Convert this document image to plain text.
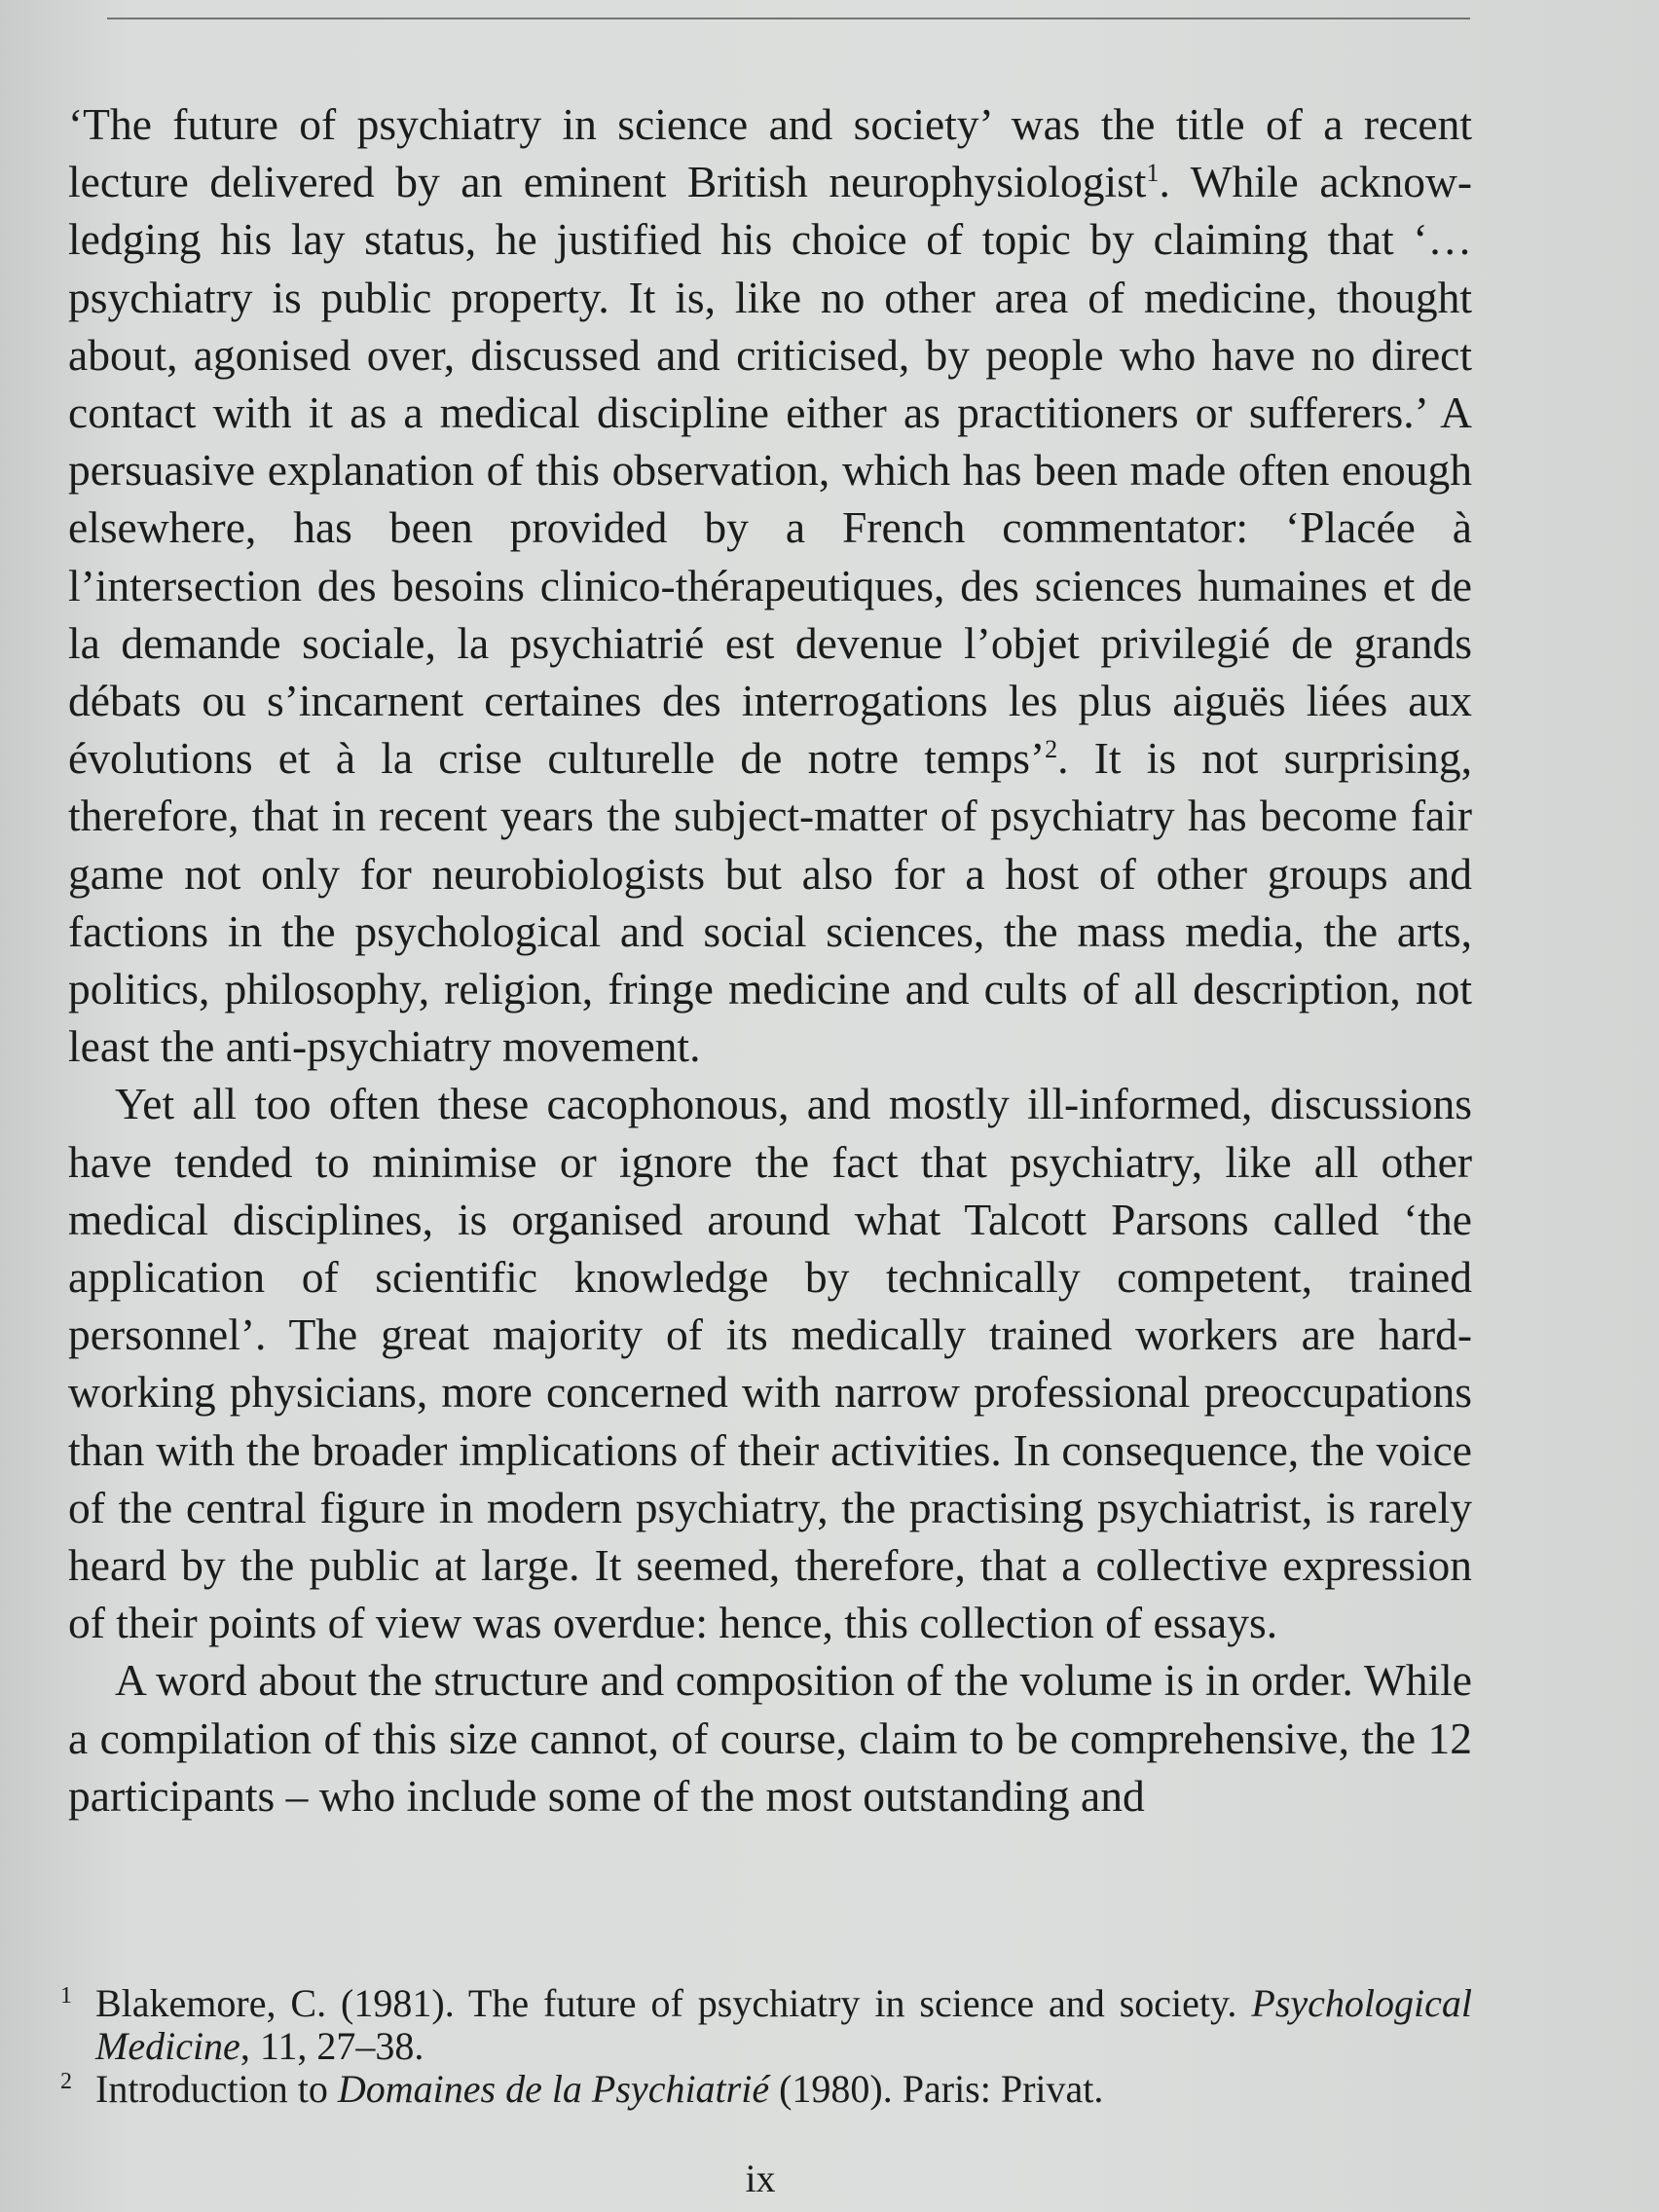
‘The future of psychiatry in science and society’ was the title of a recent lecture delivered by an eminent British neurophysiologist$^1$. While acknowledging his lay status, he justified his choice of topic by claiming that ‘…psychiatry is public property. It is, like no other area of medicine, thought about, agonised over, discussed and criticised, by people who have no direct contact with it as a medical discipline either as practitioners or sufferers.’ A persuasive explanation of this observation, which has been made often enough elsewhere, has been provided by a French commentator: ‘Placée à l’intersection des besoins clinico-thérapeutiques, des sciences humaines et de la demande sociale, la psychiatrié est devenue l’objet privilegié de grands débats ou s’incarnent certaines des interrogations les plus aiguës liées aux évolutions et à la crise culturelle de notre temps’$^2$. It is not surprising, therefore, that in recent years the subject-matter of psychiatry has become fair game not only for neurobiologists but also for a host of other groups and factions in the psychological and social sciences, the mass media, the arts, politics, philosophy, religion, fringe medicine and cults of all description, not least the anti-psychiatry movement.

Yet all too often these cacophonous, and mostly ill-informed, discussions have tended to minimise or ignore the fact that psychiatry, like all other medical disciplines, is organised around what Talcott Parsons called ‘the application of scientific knowledge by technically competent, trained personnel’. The great majority of its medically trained workers are hard-working physicians, more concerned with narrow professional preoccupations than with the broader implications of their activities. In consequence, the voice of the central figure in modern psychiatry, the practising psychiatrist, is rarely heard by the public at large. It seemed, therefore, that a collective expression of their points of view was overdue: hence, this collection of essays.

A word about the structure and composition of the volume is in order. While a compilation of this size cannot, of course, claim to be comprehensive, the 12 participants – who include some of the most outstanding and

1 Blakemore, C. (1981). The future of psychiatry in science and society. Psychological Medicine, 11, 27–38.
2 Introduction to Domaines de la Psychiatrié (1980). Paris: Privat.
ix
